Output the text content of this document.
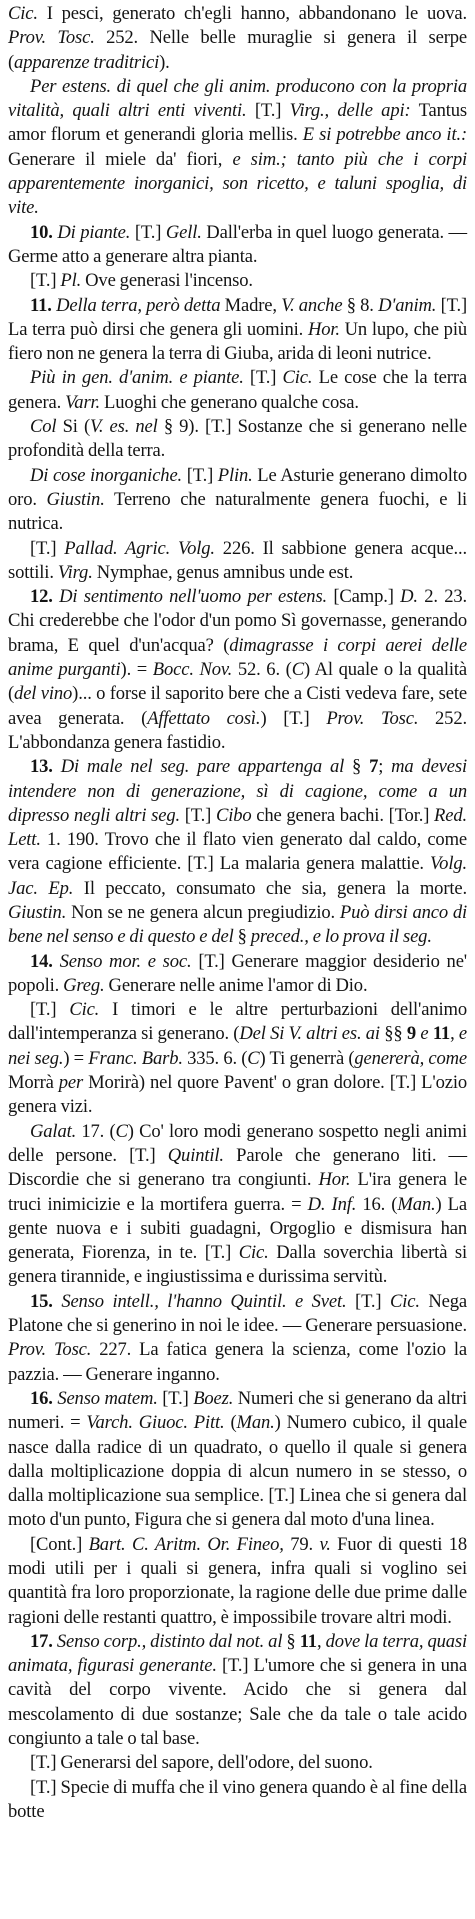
Cic. I pesci, generato ch'egli hanno, abbandonano le uova. Prov. Tosc. 252. Nelle belle muraglie si genera il serpe (apparenze traditrici).

Per estens. di quel che gli anim. producono con la propria vitalità, quali altri enti viventi. [T.] Virg., delle api: Tantus amor florum et generandi gloria mellis. E si potrebbe anco it.: Generare il miele da' fiori, e sim.; tanto più che i corpi apparentemente inorganici, son ricetto, e taluni spoglia, di vite.

10. Di piante. [T.] Gell. Dall'erba in quel luogo generata. — Germe atto a generare altra pianta.

[T.] Pl. Ove generasi l'incenso.

11. Della terra, però detta Madre, V. anche § 8. D'anim. [T.] La terra può dirsi che genera gli uomini. Hor. Un lupo, che più fiero non ne genera la terra di Giuba, arida di leoni nutrice.

Più in gen. d'anim. e piante. [T.] Cic. Le cose che la terra genera. Varr. Luoghi che generano qualche cosa.

Col Si (V. es. nel § 9). [T.] Sostanze che si generano nelle profondità della terra.

Di cose inorganiche. [T.] Plin. Le Asturie generano dimolto oro. Giustin. Terreno che naturalmente genera fuochi, e li nutrica.

[T.] Pallad. Agric. Volg. 226. Il sabbione genera acque... sottili. Virg. Nymphae, genus amnibus unde est.

12. Di sentimento nell'uomo per estens. [Camp.] D. 2. 23. Chi crederebbe che l'odor d'un pomo Sì governasse, generando brama, E quel d'un'acqua? (dimagrasse i corpi aerei delle anime purganti). = Bocc. Nov. 52. 6. (C) Al quale o la qualità (del vino)... o forse il saporito bere che a Cisti vedeva fare, sete avea generata. (Affettato così.) [T.] Prov. Tosc. 252. L'abbondanza genera fastidio.

13. Di male nel seg. pare appartenga al § 7; ma devesi intendere non di generazione, sì di cagione, come a un dipresso negli altri seg. [T.] Cibo che genera bachi. [Tor.] Red. Lett. 1. 190. Trovo che il flato vien generato dal caldo, come vera cagione efficiente. [T.] La malaria genera malattie. Volg. Jac. Ep. Il peccato, consumato che sia, genera la morte. Giustin. Non se ne genera alcun pregiudizio. Può dirsi anco di bene nel senso e di questo e del § preced., e lo prova il seg.

14. Senso mor. e soc. [T.] Generare maggior desiderio ne' popoli. Greg. Generare nelle anime l'amor di Dio.

[T.] Cic. I timori e le altre perturbazioni dell'animo dall'intemperanza si generano. (Del Si V. altri es. ai §§ 9 e 11, e nei seg.) = Franc. Barb. 335. 6. (C) Ti generrà (genererà, come Morrà per Morirà) nel quore Pavent' o gran dolore. [T.] L'ozio genera vizi.

Galat. 17. (C) Co' loro modi generano sospetto negli animi delle persone. [T.] Quintil. Parole che generano liti. — Discordie che si generano tra congiunti. Hor. L'ira genera le truci inimicizie e la mortifera guerra. = D. Inf. 16. (Man.) La gente nuova e i subiti guadagni, Orgoglio e dismisura han generata, Fiorenza, in te. [T.] Cic. Dalla soverchia libertà si genera tirannide, e ingiustissima e durissima servitù.

15. Senso intell., l'hanno Quintil. e Svet. [T.] Cic. Nega Platone che si generino in noi le idee. — Generare persuasione. Prov. Tosc. 227. La fatica genera la scienza, come l'ozio la pazzia. — Generare inganno.

16. Senso matem. [T.] Boez. Numeri che si generano da altri numeri. = Varch. Giuoc. Pitt. (Man.) Numero cubico, il quale nasce dalla radice di un quadrato, o quello il quale si genera dalla moltiplicazione doppia di alcun numero in se stesso, o dalla moltiplicazione sua semplice. [T.] Linea che si genera dal moto d'un punto, Figura che si genera dal moto d'una linea.

[Cont.] Bart. C. Aritm. Or. Fineo, 79. v. Fuor di questi 18 modi utili per i quali si genera, infra quali si voglino sei quantità fra loro proporzionate, la ragione delle due prime dalle ragioni delle restanti quattro, è impossibile trovare altri modi.

17. Senso corp., distinto dal not. al § 11, dove la terra, quasi animata, figurasi generante. [T.] L'umore che si genera in una cavità del corpo vivente. Acido che si genera dal mescolamento di due sostanze; Sale che da tale o tale acido congiunto a tale o tal base.

[T.] Generarsi del sapore, dell'odore, del suono.

[T.] Specie di muffa che il vino genera quando è al fine della botte
